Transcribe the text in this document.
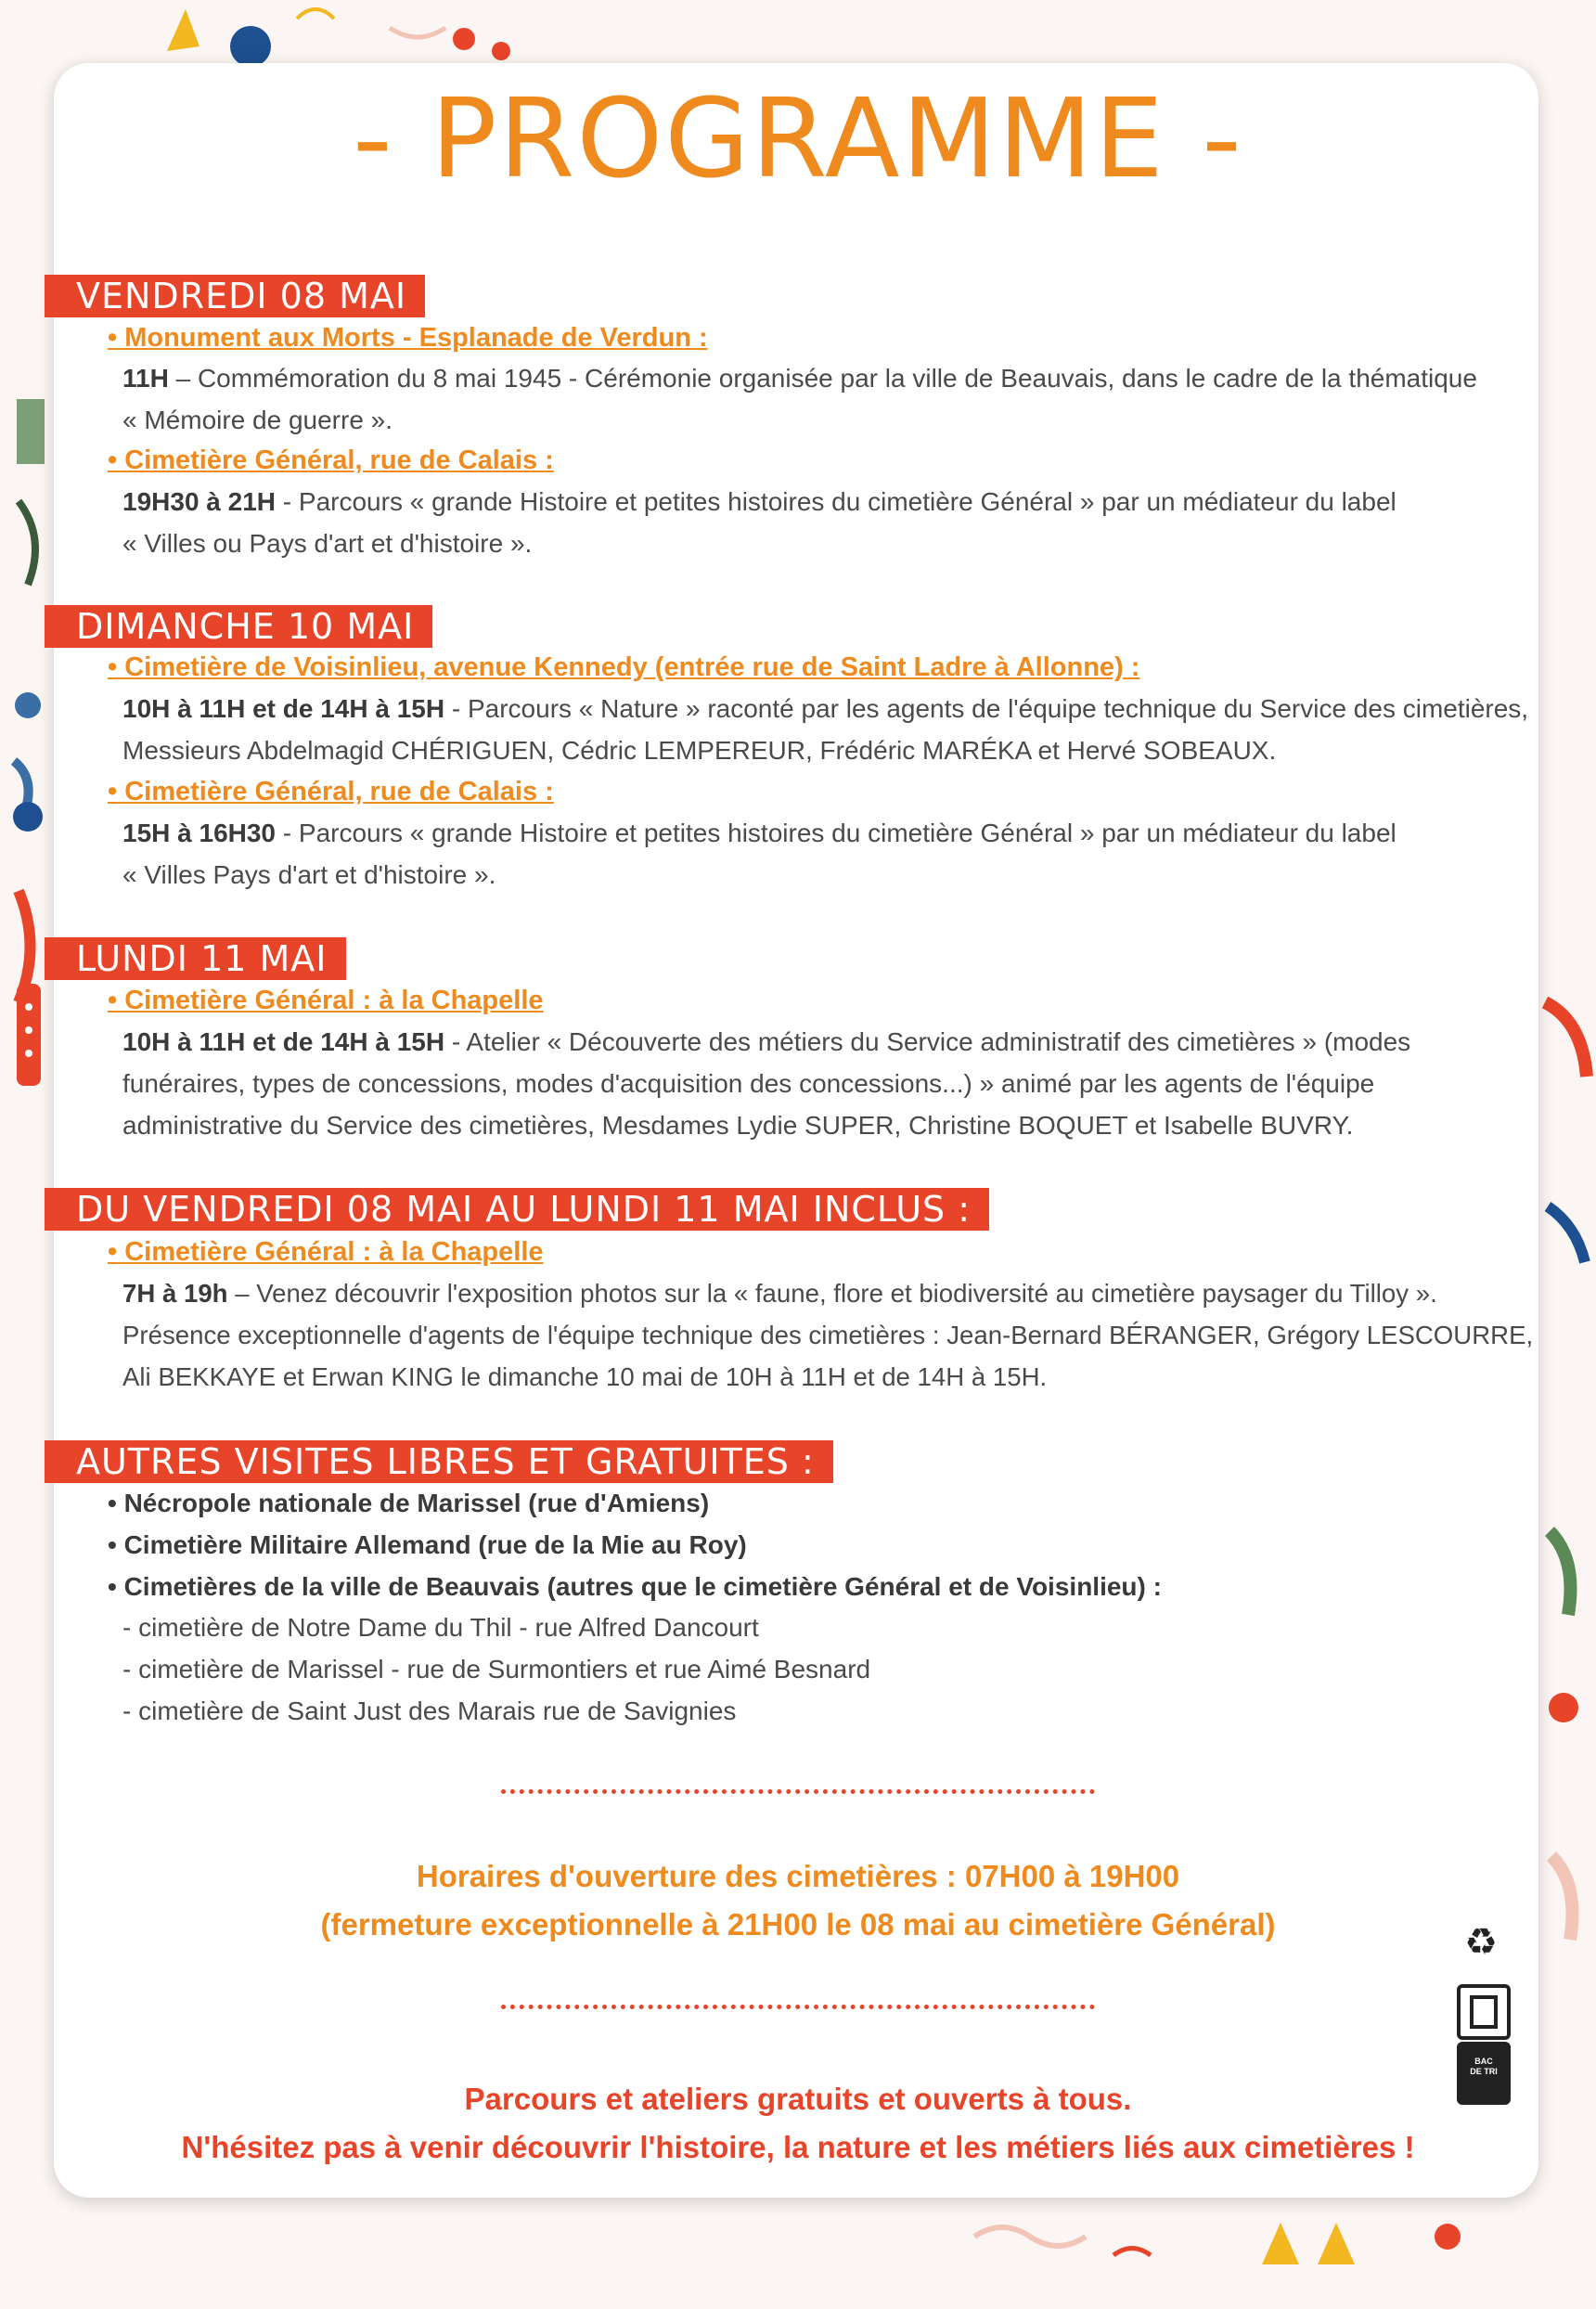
- PROGRAMME -
VENDREDI 08 MAI
• Monument aux Morts - Esplanade de Verdun :
11H – Commémoration du 8 mai 1945 - Cérémonie organisée par la ville de Beauvais, dans le cadre de la thématique
« Mémoire de guerre ».
• Cimetière Général, rue de Calais :
19H30 à 21H - Parcours « grande Histoire et petites histoires du cimetière Général » par un médiateur du label
« Villes ou Pays d'art et d'histoire ».
DIMANCHE 10 MAI
• Cimetière de Voisinlieu, avenue Kennedy (entrée rue de Saint Ladre à Allonne) :
10H à 11H et de 14H à 15H - Parcours « Nature » raconté par les agents de l'équipe technique du Service des cimetières,
Messieurs Abdelmagid CHÉRIGUEN, Cédric LEMPEREUR, Frédéric MARÉKA et Hervé SOBEAUX.
• Cimetière Général, rue de Calais :
15H à 16H30 - Parcours « grande Histoire et petites histoires du cimetière Général » par un médiateur du label
« Villes Pays d'art et d'histoire ».
LUNDI 11 MAI
• Cimetière Général : à la Chapelle
10H à 11H et de 14H à 15H - Atelier « Découverte des métiers du Service administratif des cimetières » (modes
funéraires, types de concessions, modes d'acquisition des concessions...) » animé par les agents de l'équipe
administrative du Service des cimetières, Mesdames Lydie SUPER, Christine BOQUET et Isabelle BUVRY.
DU VENDREDI 08 MAI AU LUNDI 11 MAI INCLUS :
• Cimetière Général : à la Chapelle
7H à 19h – Venez découvrir l'exposition photos sur la « faune, flore et biodiversité au cimetière paysager du Tilloy ».
Présence exceptionnelle d'agents de l'équipe technique des cimetières : Jean-Bernard BÉRANGER, Grégory LESCOURRE,
Ali BEKKAYE et Erwan KING le dimanche 10 mai de 10H à 11H et de 14H à 15H.
AUTRES VISITES LIBRES ET GRATUITES :
• Nécropole nationale de Marissel (rue d'Amiens)
• Cimetière Militaire Allemand (rue de la Mie au Roy)
• Cimetières de la ville de Beauvais (autres que le cimetière Général et de Voisinlieu) :
- cimetière de Notre Dame du Thil - rue Alfred Dancourt
- cimetière de Marissel - rue de Surmontiers et rue Aimé Besnard
- cimetière de Saint Just des Marais rue de Savignies
Horaires d'ouverture des cimetières : 07H00 à 19H00
(fermeture exceptionnelle à 21H00 le 08 mai au cimetière Général)
Parcours et ateliers gratuits et ouverts à tous.
N'hésitez pas à venir découvrir l'histoire, la nature et les métiers liés aux cimetières !
♻
BAC DE TRI
